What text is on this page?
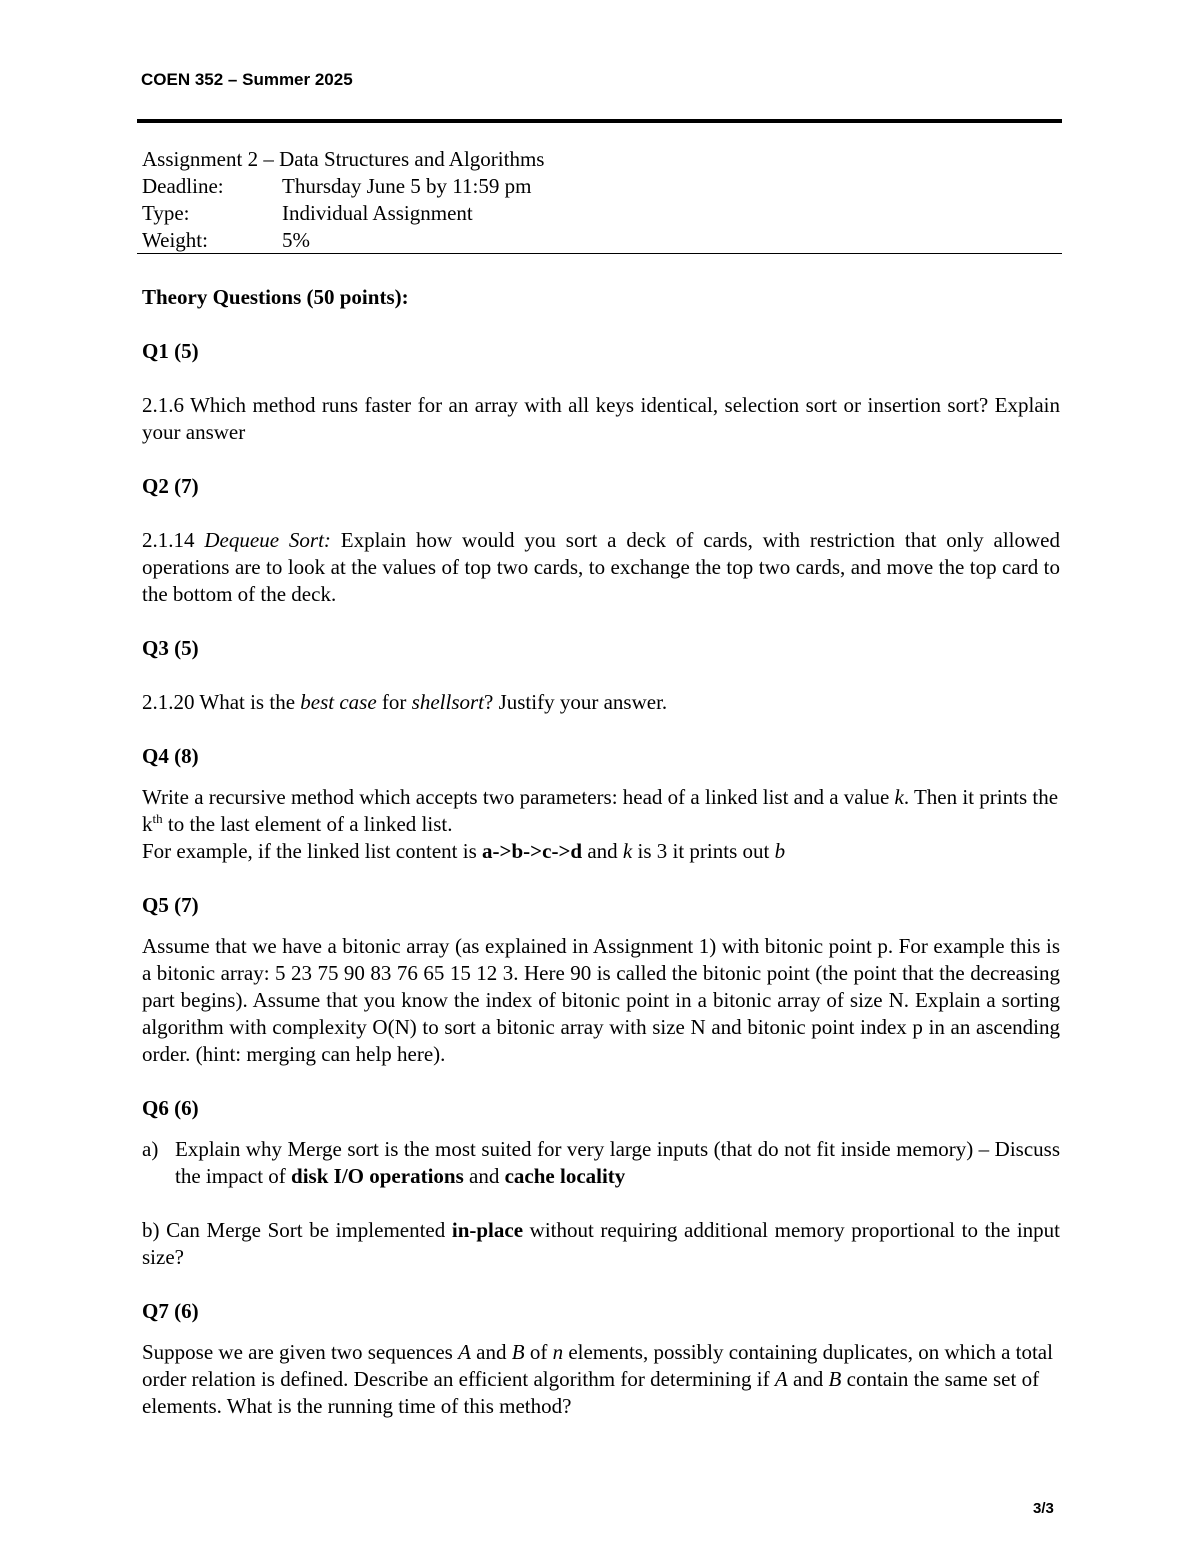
COEN 352 – Summer 2025
Assignment 2 – Data Structures and Algorithms
Deadline:	Thursday June 5 by 11:59 pm
Type:	Individual Assignment
Weight:	5%

Theory Questions (50 points):

Q1 (5)

2.1.6 Which method runs faster for an array with all keys identical, selection sort or insertion sort? Explain your answer

Q2 (7)

2.1.14 Dequeue Sort: Explain how would you sort a deck of cards, with restriction that only allowed operations are to look at the values of top two cards, to exchange the top two cards, and move the top card to the bottom of the deck.

Q3 (5)

2.1.20 What is the best case for shellsort? Justify your answer.

Q4 (8)

Write a recursive method which accepts two parameters: head of a linked list and a value k. Then it prints the $k^{th}$ to the last element of a linked list.

For example, if the linked list content is a->b->c->d and k is 3 it prints out b

Q5 (7)

Assume that we have a bitonic array (as explained in Assignment 1) with bitonic point p. For example this is a bitonic array: 5 23 75 90 83 76 65 15 12 3. Here 90 is called the bitonic point (the point that the decreasing part begins). Assume that you know the index of bitonic point in a bitonic array of size N. Explain a sorting algorithm with complexity O(N) to sort a bitonic array with size N and bitonic point index p in an ascending order. (hint: merging can help here).

Q6 (6)

a) Explain why Merge sort is the most suited for very large inputs (that do not fit inside memory) – Discuss the impact of disk I/O operations and cache locality

b) Can Merge Sort be implemented in-place without requiring additional memory proportional to the input size?

Q7 (6)

Suppose we are given two sequences A and B of n elements, possibly containing duplicates, on which a total order relation is defined. Describe an efficient algorithm for determining if A and B contain the same set of elements. What is the running time of this method?

3/3
